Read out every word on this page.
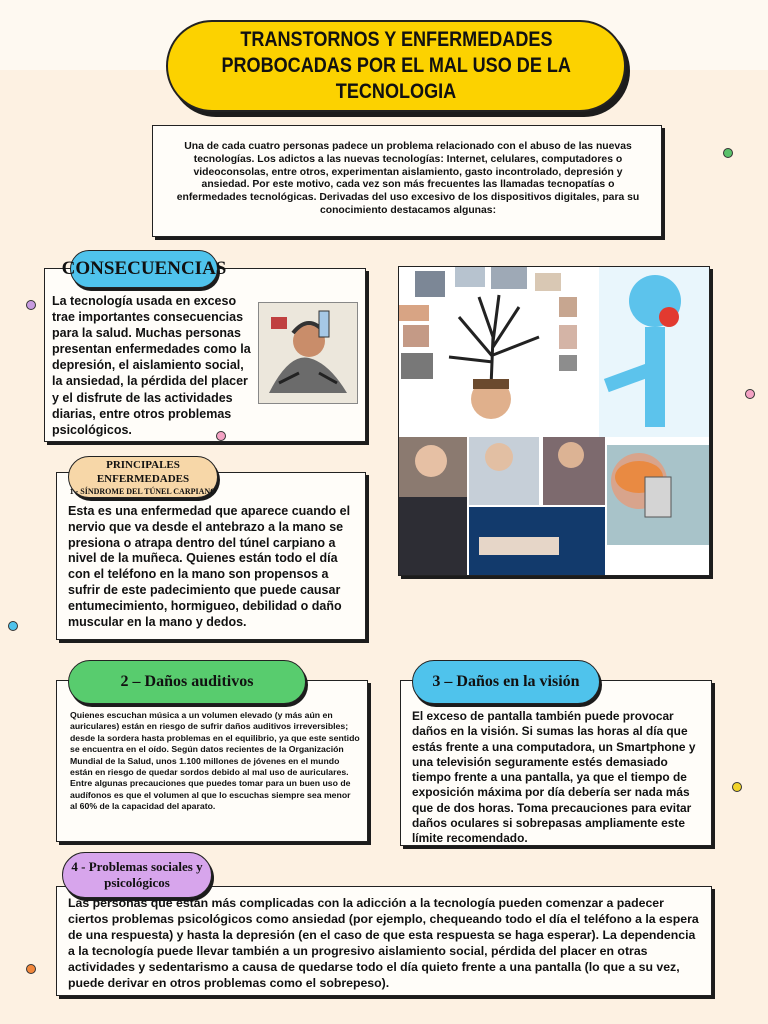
TRANSTORNOS Y ENFERMEDADES
PROBOCADAS POR EL MAL USO DE LA
TECNOLOGIA
Una de cada cuatro personas padece un problema relacionado con el abuso de las nuevas tecnologías. Los adictos a las nuevas tecnologías: Internet, celulares, computadores o videoconsolas, entre otros, experimentan aislamiento, gasto incontrolado, depresión y ansiedad. Por este motivo, cada vez son más frecuentes las llamadas tecnopatías o enfermedades tecnológicas. Derivadas del uso excesivo de los dispositivos digitales, para su conocimiento destacamos algunas:
CONSECUENCIAS
La tecnología usada en exceso trae importantes consecuencias para la salud. Muchas personas presentan enfermedades como la depresión, el aislamiento social, la ansiedad, la pérdida del placer y el disfrute de las actividades diarias, entre otros problemas psicológicos.
PRINCIPALES ENFERMEDADES
1 - SÍNDROME DEL TÚNEL CARPIANO
Esta es una enfermedad que aparece cuando el nervio que va desde el antebrazo a la mano se presiona o atrapa dentro del túnel carpiano a nivel de la muñeca. Quienes están todo el día con el teléfono en la mano son propensos a sufrir de este padecimiento que puede causar entumecimiento, hormigueo, debilidad o daño muscular en la mano y dedos.
2 – Daños auditivos
Quienes escuchan música a un volumen elevado (y más aún en auriculares) están en riesgo de sufrir daños auditivos irreversibles; desde la sordera hasta problemas en el equilibrio, ya que este sentido se encuentra en el oído. Según datos recientes de la Organización Mundial de la Salud, unos 1.100 millones de jóvenes en el mundo están en riesgo de quedar sordos debido al mal uso de auriculares. Entre algunas precauciones que puedes tomar para un buen uso de audífonos es que el volumen al que lo escuchas siempre sea menor al 60% de la capacidad del aparato.
3 – Daños en la visión
El exceso de pantalla también puede provocar daños en la visión. Si sumas las horas al día que estás frente a una computadora, un Smartphone y una televisión seguramente estés demasiado tiempo frente a una pantalla, ya que el tiempo de exposición máxima por día debería ser nada más que de dos horas. Toma precauciones para evitar daños oculares si sobrepasas ampliamente este límite recomendado.
4 - Problemas sociales y
psicológicos
Las personas que están más complicadas con la adicción a la tecnología pueden comenzar a padecer ciertos problemas psicológicos como ansiedad (por ejemplo, chequeando todo el día el teléfono a la espera de una respuesta) y hasta la depresión (en el caso de que esta respuesta se haga esperar). La dependencia a la tecnología puede llevar también a un progresivo aislamiento social, pérdida del placer en otras actividades y sedentarismo a causa de quedarse todo el día quieto frente a una pantalla (lo que a su vez, puede derivar en otros problemas como el sobrepeso).
